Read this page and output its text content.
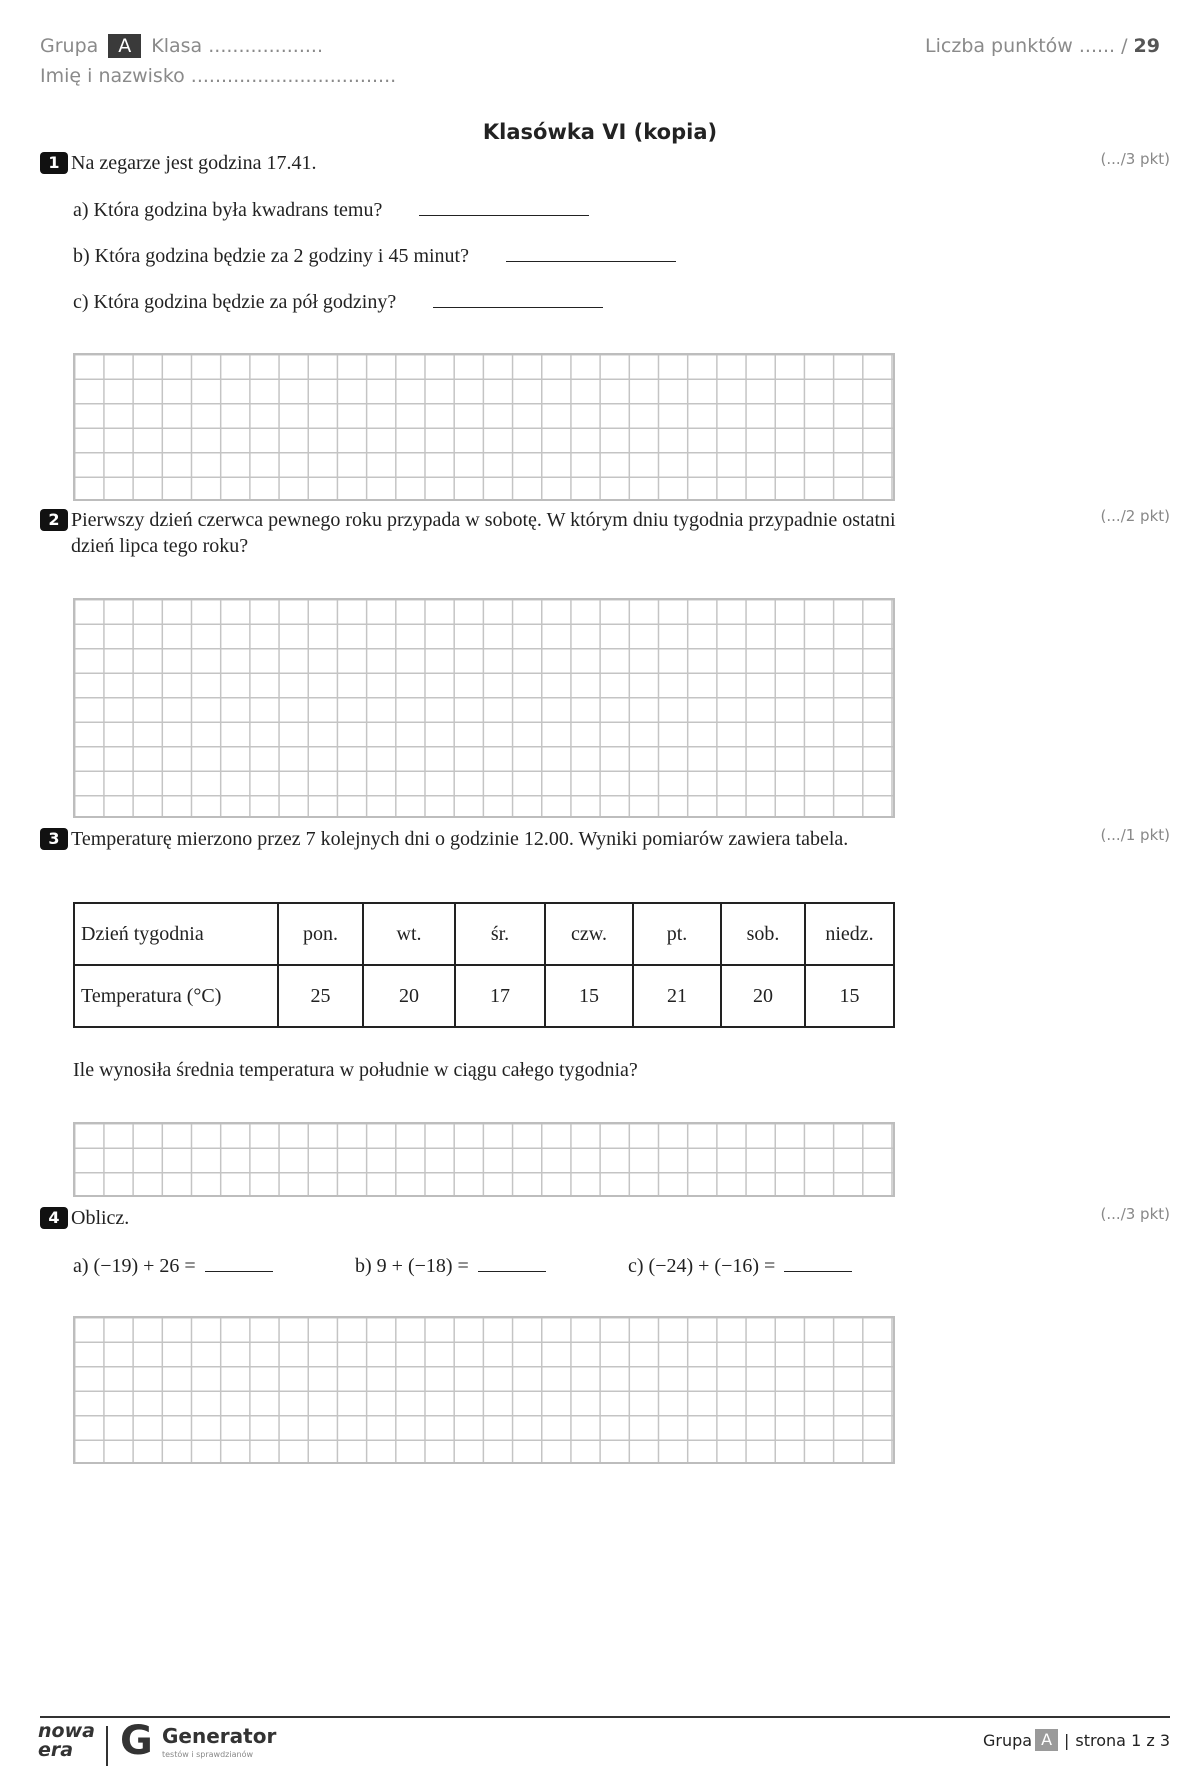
Grupa	A	Klasa ...................
Imię i nazwisko ..................................
Liczba punktów ...... / 29
Klasówka VI (kopia)
1 Na zegarze jest godzina 17.41.	(.../3 pkt)
a) Która godzina była kwadrans temu?
b) Która godzina będzie za 2 godziny i 45 minut?
c) Która godzina będzie za pół godziny?
2 Pierwszy dzień czerwca pewnego roku przypada w sobotę. W którym dniu tygodnia przypadnie ostatni dzień lipca tego roku?
(.../2 pkt)
3 Temperaturę mierzono przez 7 kolejnych dni o godzinie 12.00. Wyniki pomiarów zawiera tabela.	(.../1 pkt)
Dzień tygodnia	pon.	wt.	śr.	czw.	pt.	sob.	niedz.
Temperatura (°C)	25	20	17	15	21	20	15
Ile wynosiła średnia temperatura w południe w ciągu całego tygodnia?
4 Oblicz.	(.../3 pkt)
a) (−19) + 26 =	b) 9 + (−18) =	c) (−24) + (−16) =
nowa
era	G Generator
testów i sprawdzianów
Grupa A | strona 1 z 3
